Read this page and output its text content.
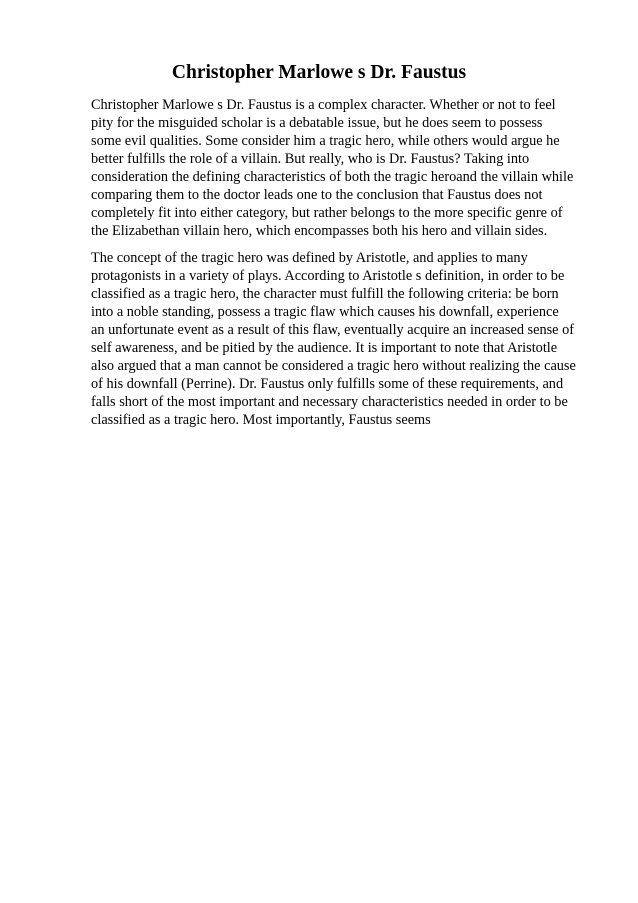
Christopher Marlowe s Dr. Faustus

Christopher Marlowe s Dr. Faustus is a complex character. Whether or not to feel
pity for the misguided scholar is a debatable issue, but he does seem to possess
some evil qualities. Some consider him a tragic hero, while others would argue he
better fulfills the role of a villain. But really, who is Dr. Faustus? Taking into
consideration the defining characteristics of both the tragic heroand the villain while
comparing them to the doctor leads one to the conclusion that Faustus does not
completely fit into either category, but rather belongs to the more specific genre of
the Elizabethan villain hero, which encompasses both his hero and villain sides.

The concept of the tragic hero was defined by Aristotle, and applies to many
protagonists in a variety of plays. According to Aristotle s definition, in order to be
classified as a tragic hero, the character must fulfill the following criteria: be born
into a noble standing, possess a tragic flaw which causes his downfall, experience
an unfortunate event as a result of this flaw, eventually acquire an increased sense of
self awareness, and be pitied by the audience. It is important to note that Aristotle
also argued that a man cannot be considered a tragic hero without realizing the cause
of his downfall (Perrine). Dr. Faustus only fulfills some of these requirements, and
falls short of the most important and necessary characteristics needed in order to be
classified as a tragic hero. Most importantly, Faustus seems
